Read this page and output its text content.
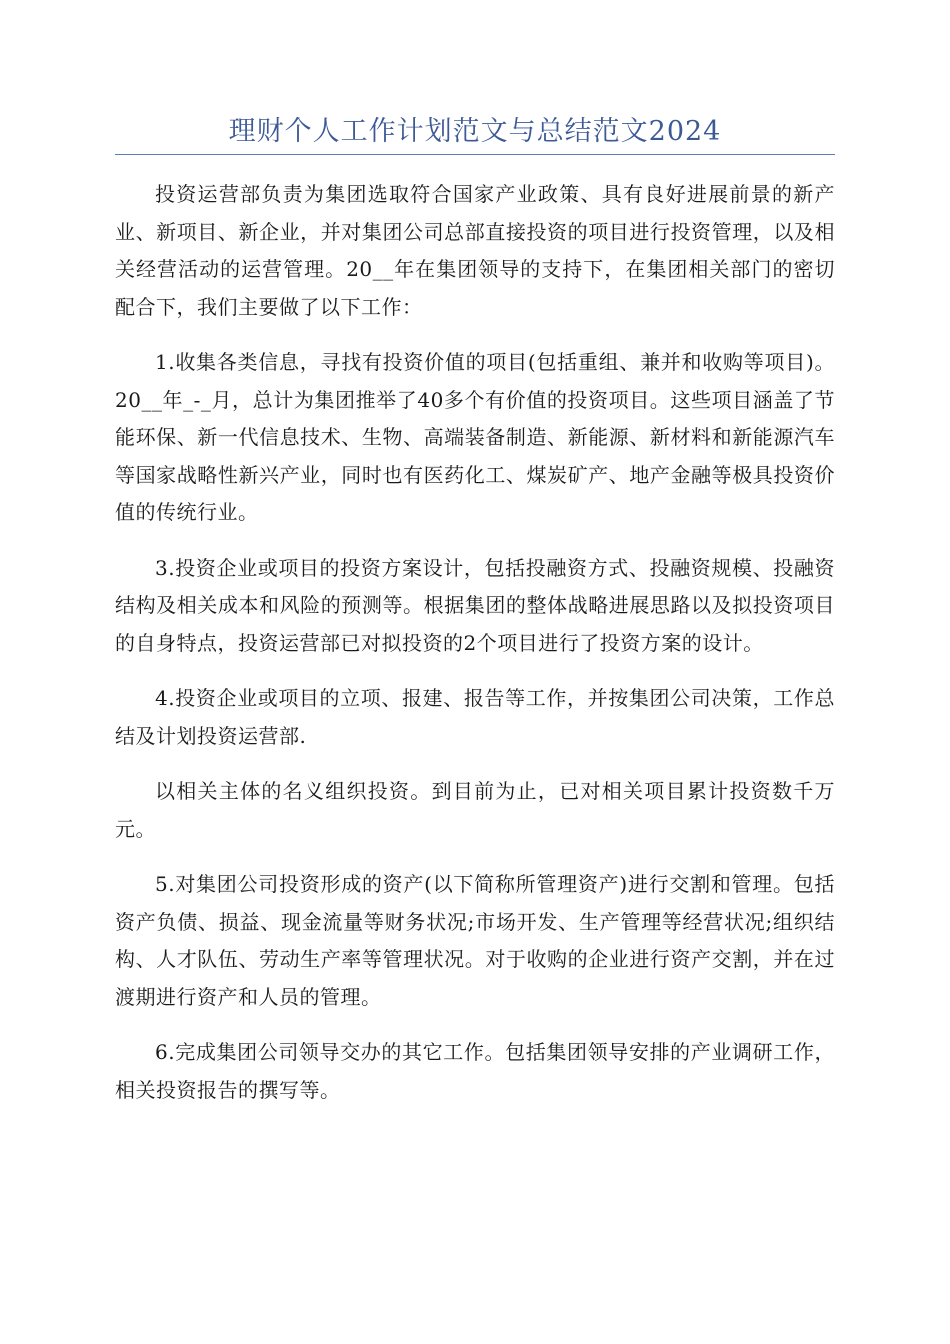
理财个人工作计划范文与总结范文2024

投资运营部负责为集团选取符合国家产业政策、具有良好进展前景的新产业、新项目、新企业，并对集团公司总部直接投资的项目进行投资管理，以及相关经营活动的运营管理。20__年在集团领导的支持下，在集团相关部门的密切配合下，我们主要做了以下工作：

1.收集各类信息，寻找有投资价值的项目(包括重组、兼并和收购等项目)。20__年_-_月，总计为集团推举了40多个有价值的投资项目。这些项目涵盖了节能环保、新一代信息技术、生物、高端装备制造、新能源、新材料和新能源汽车等国家战略性新兴产业，同时也有医药化工、煤炭矿产、地产金融等极具投资价值的传统行业。

3.投资企业或项目的投资方案设计，包括投融资方式、投融资规模、投融资结构及相关成本和风险的预测等。根据集团的整体战略进展思路以及拟投资项目的自身特点，投资运营部已对拟投资的2个项目进行了投资方案的设计。

4.投资企业或项目的立项、报建、报告等工作，并按集团公司决策，工作总结及计划投资运营部.

以相关主体的名义组织投资。到目前为止，已对相关项目累计投资数千万元。

5.对集团公司投资形成的资产(以下简称所管理资产)进行交割和管理。包括资产负债、损益、现金流量等财务状况;市场开发、生产管理等经营状况;组织结构、人才队伍、劳动生产率等管理状况。对于收购的企业进行资产交割，并在过渡期进行资产和人员的管理。

6.完成集团公司领导交办的其它工作。包括集团领导安排的产业调研工作，相关投资报告的撰写等。
